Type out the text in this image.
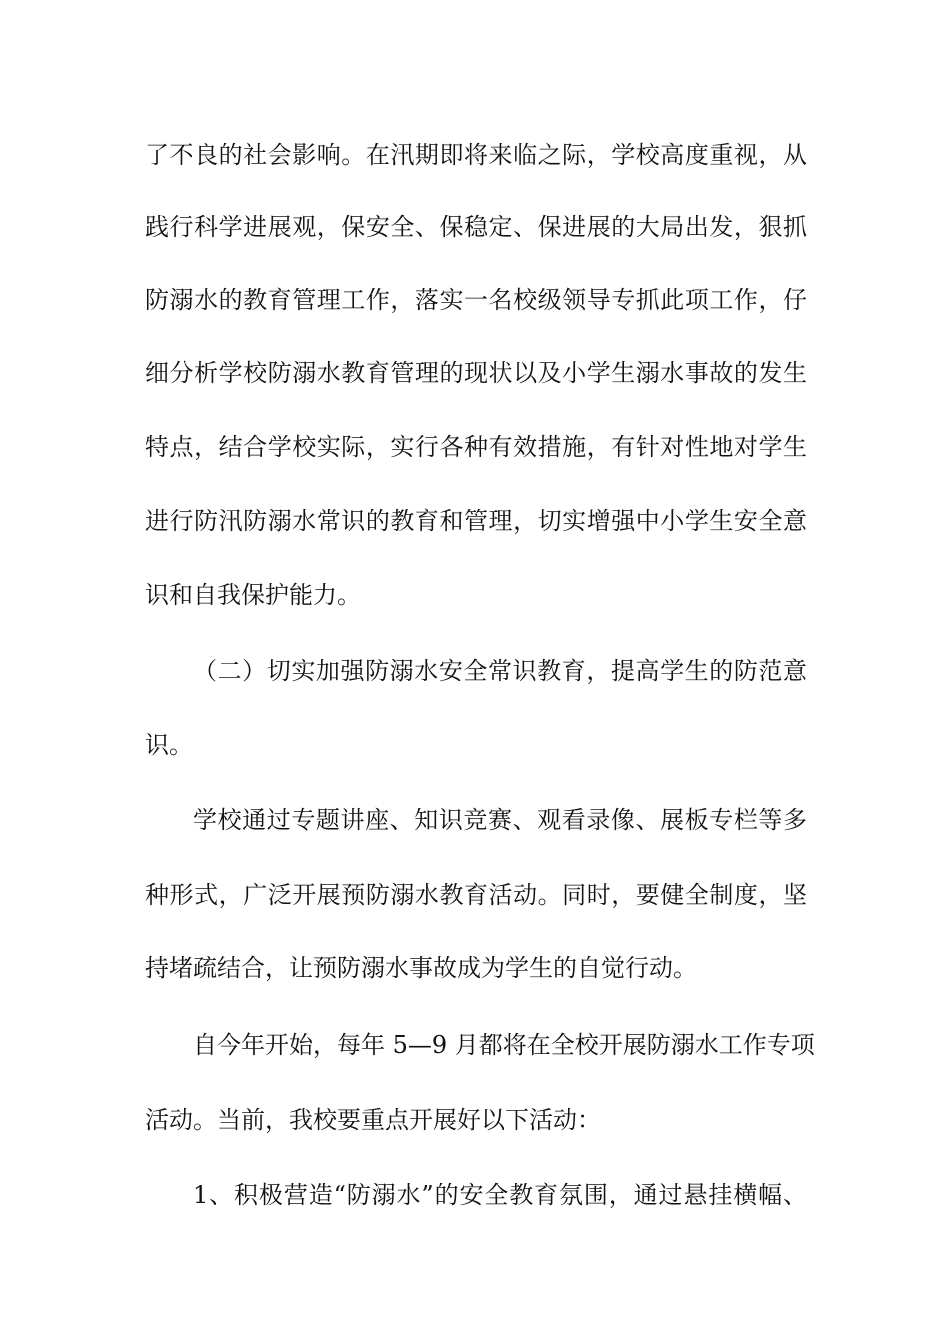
了不良的社会影响。在汛期即将来临之际，学校高度重视，从
践行科学进展观，保安全、保稳定、保进展的大局出发，狠抓
防溺水的教育管理工作，落实一名校级领导专抓此项工作，仔
细分析学校防溺水教育管理的现状以及小学生溺水事故的发生
特点，结合学校实际，实行各种有效措施，有针对性地对学生
进行防汛防溺水常识的教育和管理，切实增强中小学生安全意
识和自我保护能力。
（二）切实加强防溺水安全常识教育，提高学生的防范意
识。
学校通过专题讲座、知识竞赛、观看录像、展板专栏等多
种形式，广泛开展预防溺水教育活动。同时，要健全制度，坚
持堵疏结合，让预防溺水事故成为学生的自觉行动。
自今年开始，每年 5—9 月都将在全校开展防溺水工作专项
活动。当前，我校要重点开展好以下活动：
1、积极营造“防溺水”的安全教育氛围，通过悬挂横幅、
